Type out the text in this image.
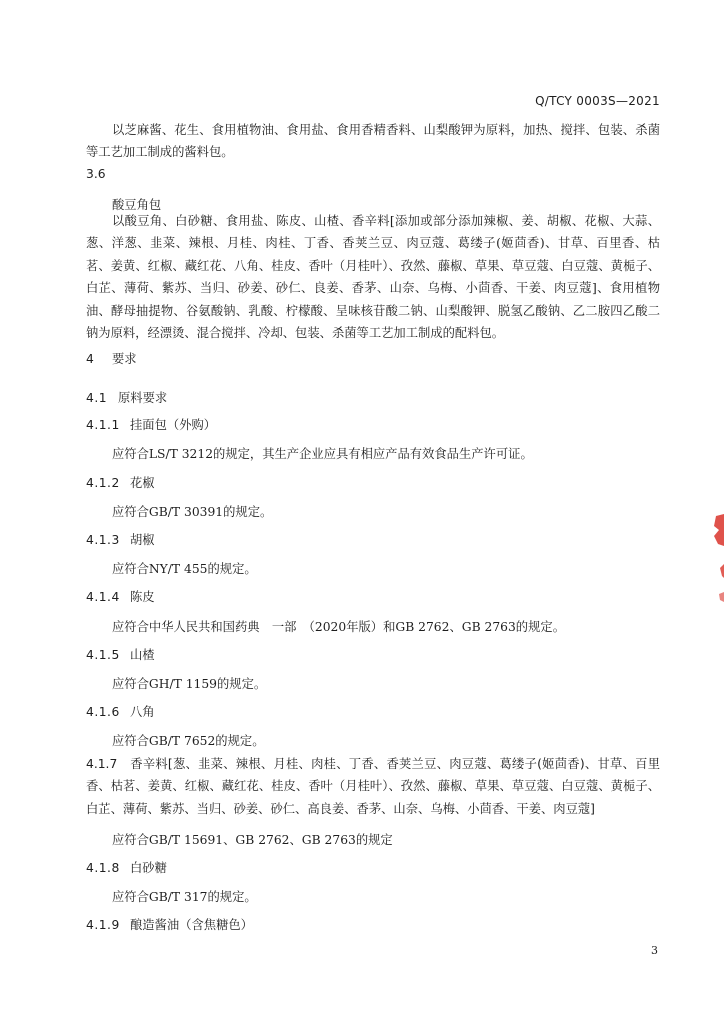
Q/TCY 0003S—2021

以芝麻酱、花生、食用植物油、食用盐、食用香精香料、山梨酸钾为原料，加热、搅拌、包装、杀菌等工艺加工制成的酱料包。

3.6
酸豆角包

以酸豆角、白砂糖、食用盐、陈皮、山楂、香辛料[添加或部分添加辣椒、姜、胡椒、花椒、大蒜、葱、洋葱、韭菜、辣根、月桂、肉桂、丁香、香荚兰豆、肉豆蔻、葛缕子(姬茴香)、甘草、百里香、枯茗、姜黄、红椒、藏红花、八角、桂皮、香叶（月桂叶）、孜然、藤椒、草果、草豆蔻、白豆蔻、黄栀子、白芷、薄荷、紫苏、当归、砂姜、砂仁、良姜、香茅、山奈、乌梅、小茴香、干姜、肉豆蔻]、食用植物油、酵母抽提物、谷氨酸钠、乳酸、柠檬酸、呈味核苷酸二钠、山梨酸钾、脱氢乙酸钠、乙二胺四乙酸二钠为原料，经漂烫、混合搅拌、冷却、包装、杀菌等工艺加工制成的配料包。

4 要求
4.1 原料要求
4.1.1 挂面包（外购）
应符合LS/T 3212的规定，其生产企业应具有相应产品有效食品生产许可证。
4.1.2 花椒
应符合GB/T 30391的规定。
4.1.3 胡椒
应符合NY/T 455的规定。
4.1.4 陈皮
应符合中华人民共和国药典　一部　（2020年版）和GB 2762、GB 2763的规定。
4.1.5 山楂
应符合GH/T 1159的规定。
4.1.6 八角
应符合GB/T 7652的规定。

4.1.7 香辛料[葱、韭菜、辣根、月桂、肉桂、丁香、香荚兰豆、肉豆蔻、葛缕子(姬茴香)、甘草、百里香、枯茗、姜黄、红椒、藏红花、桂皮、香叶（月桂叶）、孜然、藤椒、草果、草豆蔻、白豆蔻、黄栀子、白芷、薄荷、紫苏、当归、砂姜、砂仁、高良姜、香茅、山奈、乌梅、小茴香、干姜、肉豆蔻]

应符合GB/T 15691、GB 2762、GB 2763的规定
4.1.8 白砂糖
应符合GB/T 317的规定。
4.1.9 酿造酱油（含焦糖色）
3
